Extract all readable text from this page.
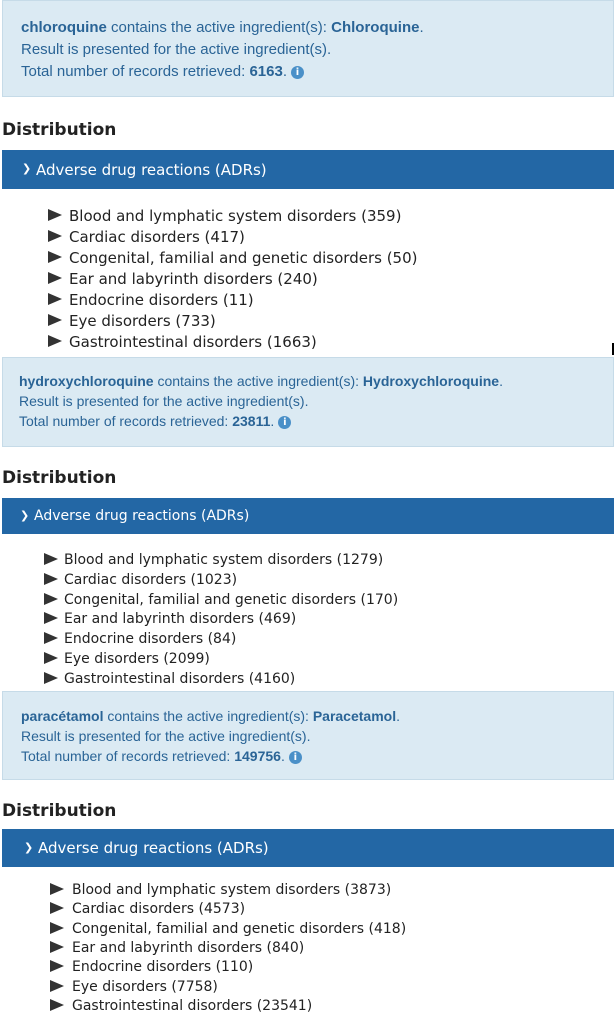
chloroquine contains the active ingredient(s): Chloroquine.
Result is presented for the active ingredient(s).
Total number of records retrieved: 6163. i
Distribution
❯ Adverse drug reactions (ADRs)
Blood and lymphatic system disorders (359)
Cardiac disorders (417)
Congenital, familial and genetic disorders (50)
Ear and labyrinth disorders (240)
Endocrine disorders (11)
Eye disorders (733)
Gastrointestinal disorders (1663)
hydroxychloroquine contains the active ingredient(s): Hydroxychloroquine.
Result is presented for the active ingredient(s).
Total number of records retrieved: 23811. i
Distribution
❯ Adverse drug reactions (ADRs)
Blood and lymphatic system disorders (1279)
Cardiac disorders (1023)
Congenital, familial and genetic disorders (170)
Ear and labyrinth disorders (469)
Endocrine disorders (84)
Eye disorders (2099)
Gastrointestinal disorders (4160)
paracétamol contains the active ingredient(s): Paracetamol.
Result is presented for the active ingredient(s).
Total number of records retrieved: 149756. i
Distribution
❯ Adverse drug reactions (ADRs)
Blood and lymphatic system disorders (3873)
Cardiac disorders (4573)
Congenital, familial and genetic disorders (418)
Ear and labyrinth disorders (840)
Endocrine disorders (110)
Eye disorders (7758)
Gastrointestinal disorders (23541)
